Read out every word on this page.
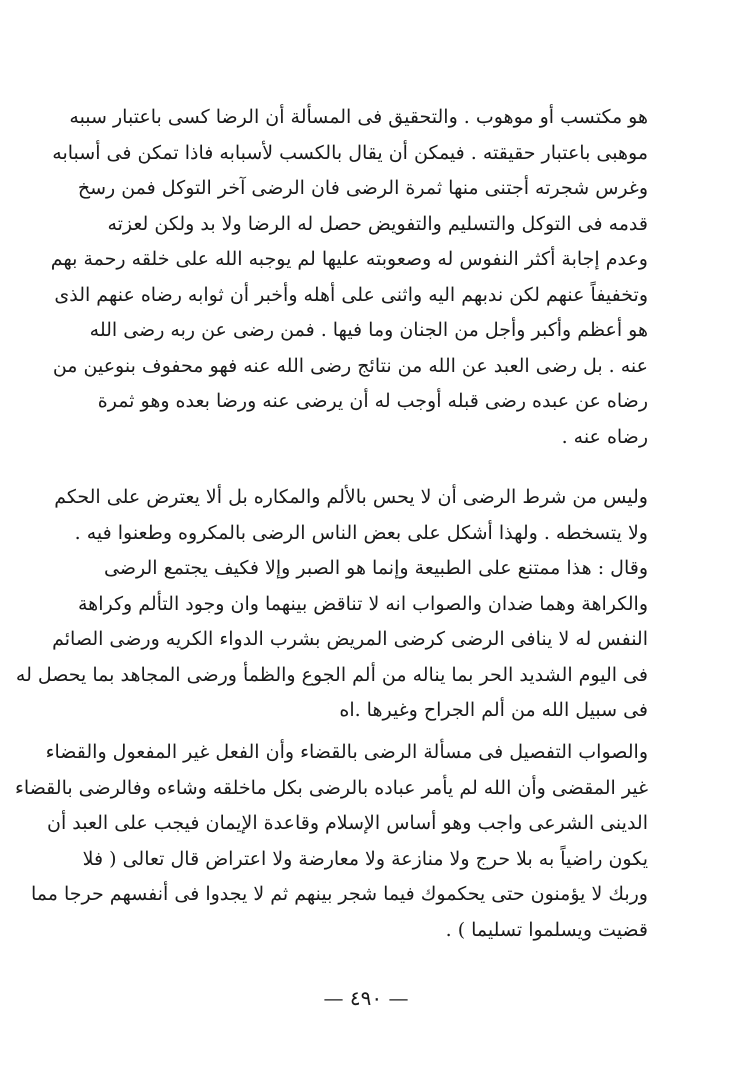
هو مكتسب أو موهوب . والتحقيق فى المسألة أن الرضا كسى باعتبار سببه
موهبى باعتبار حقيقته . فيمكن أن يقال بالكسب لأسبابه فاذا تمكن فى أسبابه
وغرس شجرته أجتنى منها ثمرة الرضى فان الرضى آخر التوكل فمن رسخ
قدمه فى التوكل والتسليم والتفويض حصل له الرضا ولا بد ولكن لعزته
وعدم إجابة أكثر النفوس له وصعوبته عليها لم يوجبه الله على خلقه رحمة بهم
وتخفيفاً عنهم لكن ندبهم اليه واثنى على أهله وأخبر أن ثوابه رضاه عنهم الذى
هو أعظم وأكبر وأجل من الجنان وما فيها . فمن رضى عن ربه رضى الله
عنه . بل رضى العبد عن الله من نتائج رضى الله عنه فهو محفوف بنوعين من
رضاه عن عبده رضى قبله أوجب له أن يرضى عنه ورضا بعده وهو ثمرة
رضاه عنه .
وليس من شرط الرضى أن لا يحس بالألم والمكاره بل ألا يعترض على الحكم
ولا يتسخطه . ولهذا أشكل على بعض الناس الرضى بالمكروه وطعنوا فيه .
وقال : هذا ممتنع على الطبيعة وإنما هو الصبر وإلا فكيف يجتمع الرضى
والكراهة وهما ضدان والصواب انه لا تناقض بينهما وان وجود التألم وكراهة
النفس له لا ينافى الرضى كرضى المريض بشرب الدواء الكريه ورضى الصائم
فى اليوم الشديد الحر بما يناله من ألم الجوع والظمأ ورضى المجاهد بما يحصل له
فى سبيل الله من ألم الجراح وغيرها .اه
والصواب التفصيل فى مسألة الرضى بالقضاء وأن الفعل غير المفعول والقضاء
غير المقضى وأن الله لم يأمر عباده بالرضى بكل ماخلقه وشاءه وفالرضى بالقضاء
الدينى الشرعى واجب وهو أساس الإسلام وقاعدة الإيمان فيجب على العبد أن
يكون راضياً به بلا حرج ولا منازعة ولا معارضة ولا اعتراض قال تعالى ( فلا
وربك لا يؤمنون حتى يحكموك فيما شجر بينهم ثم لا يجدوا فى أنفسهم حرجا مما
قضيت ويسلموا تسليما ) .
— ٤٩٠ —
